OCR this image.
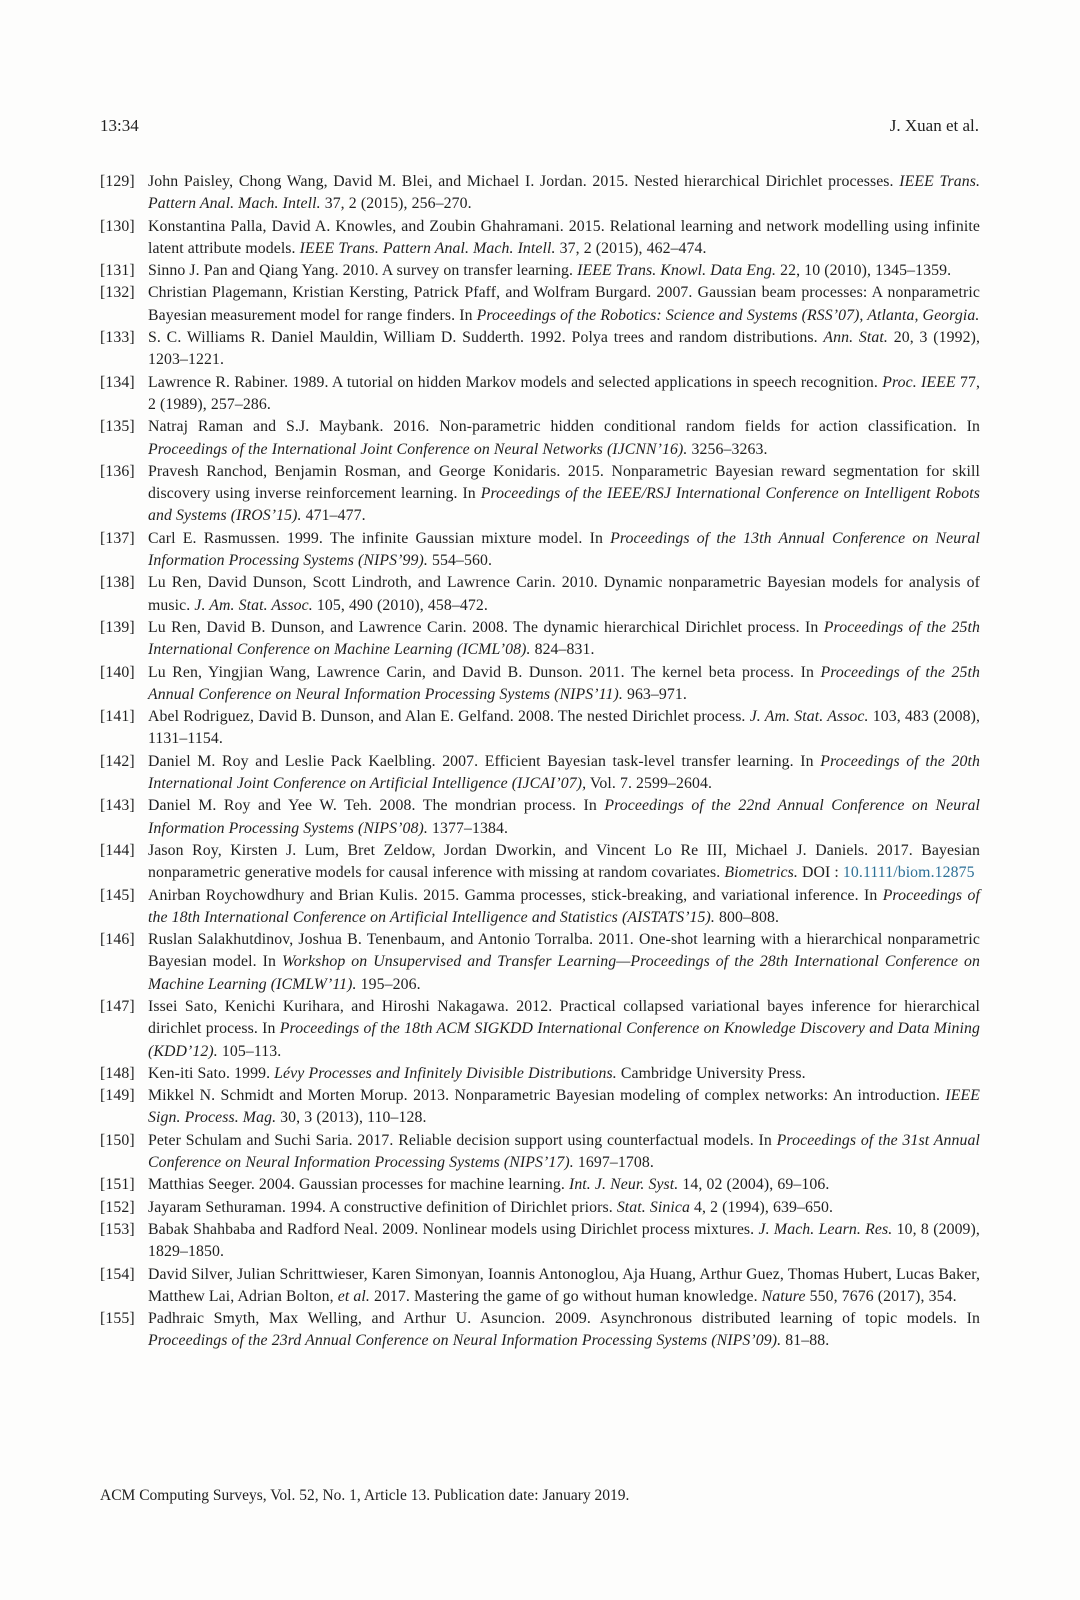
13:34	J. Xuan et al.
[129] John Paisley, Chong Wang, David M. Blei, and Michael I. Jordan. 2015. Nested hierarchical Dirichlet processes. IEEE Trans. Pattern Anal. Mach. Intell. 37, 2 (2015), 256–270.
[130] Konstantina Palla, David A. Knowles, and Zoubin Ghahramani. 2015. Relational learning and network modelling using infinite latent attribute models. IEEE Trans. Pattern Anal. Mach. Intell. 37, 2 (2015), 462–474.
[131] Sinno J. Pan and Qiang Yang. 2010. A survey on transfer learning. IEEE Trans. Knowl. Data Eng. 22, 10 (2010), 1345–1359.
[132] Christian Plagemann, Kristian Kersting, Patrick Pfaff, and Wolfram Burgard. 2007. Gaussian beam processes: A nonparametric Bayesian measurement model for range finders. In Proceedings of the Robotics: Science and Systems (RSS’07), Atlanta, Georgia.
[133] S. C. Williams R. Daniel Mauldin, William D. Sudderth. 1992. Polya trees and random distributions. Ann. Stat. 20, 3 (1992), 1203–1221.
[134] Lawrence R. Rabiner. 1989. A tutorial on hidden Markov models and selected applications in speech recognition. Proc. IEEE 77, 2 (1989), 257–286.
[135] Natraj Raman and S.J. Maybank. 2016. Non-parametric hidden conditional random fields for action classification. In Proceedings of the International Joint Conference on Neural Networks (IJCNN’16). 3256–3263.
[136] Pravesh Ranchod, Benjamin Rosman, and George Konidaris. 2015. Nonparametric Bayesian reward segmentation for skill discovery using inverse reinforcement learning. In Proceedings of the IEEE/RSJ International Conference on Intelligent Robots and Systems (IROS’15). 471–477.
[137] Carl E. Rasmussen. 1999. The infinite Gaussian mixture model. In Proceedings of the 13th Annual Conference on Neural Information Processing Systems (NIPS’99). 554–560.
[138] Lu Ren, David Dunson, Scott Lindroth, and Lawrence Carin. 2010. Dynamic nonparametric Bayesian models for analysis of music. J. Am. Stat. Assoc. 105, 490 (2010), 458–472.
[139] Lu Ren, David B. Dunson, and Lawrence Carin. 2008. The dynamic hierarchical Dirichlet process. In Proceedings of the 25th International Conference on Machine Learning (ICML’08). 824–831.
[140] Lu Ren, Yingjian Wang, Lawrence Carin, and David B. Dunson. 2011. The kernel beta process. In Proceedings of the 25th Annual Conference on Neural Information Processing Systems (NIPS’11). 963–971.
[141] Abel Rodriguez, David B. Dunson, and Alan E. Gelfand. 2008. The nested Dirichlet process. J. Am. Stat. Assoc. 103, 483 (2008), 1131–1154.
[142] Daniel M. Roy and Leslie Pack Kaelbling. 2007. Efficient Bayesian task-level transfer learning. In Proceedings of the 20th International Joint Conference on Artificial Intelligence (IJCAI’07), Vol. 7. 2599–2604.
[143] Daniel M. Roy and Yee W. Teh. 2008. The mondrian process. In Proceedings of the 22nd Annual Conference on Neural Information Processing Systems (NIPS’08). 1377–1384.
[144] Jason Roy, Kirsten J. Lum, Bret Zeldow, Jordan Dworkin, and Vincent Lo Re III, Michael J. Daniels. 2017. Bayesian nonparametric generative models for causal inference with missing at random covariates. Biometrics. DOI : 10.1111/​biom.12875
[145] Anirban Roychowdhury and Brian Kulis. 2015. Gamma processes, stick-breaking, and variational inference. In Proceedings of the 18th International Conference on Artificial Intelligence and Statistics (AISTATS’15). 800–808.
[146] Ruslan Salakhutdinov, Joshua B. Tenenbaum, and Antonio Torralba. 2011. One-shot learning with a hierarchical nonparametric Bayesian model. In Workshop on Unsupervised and Transfer Learning—Proceedings of the 28th International Conference on Machine Learning (ICMLW’11). 195–206.
[147] Issei Sato, Kenichi Kurihara, and Hiroshi Nakagawa. 2012. Practical collapsed variational bayes inference for hierarchical dirichlet process. In Proceedings of the 18th ACM SIGKDD International Conference on Knowledge Discovery and Data Mining (KDD’12). 105–113.
[148] Ken-iti Sato. 1999. Lévy Processes and Infinitely Divisible Distributions. Cambridge University Press.
[149] Mikkel N. Schmidt and Morten Morup. 2013. Nonparametric Bayesian modeling of complex networks: An introduction. IEEE Sign. Process. Mag. 30, 3 (2013), 110–128.
[150] Peter Schulam and Suchi Saria. 2017. Reliable decision support using counterfactual models. In Proceedings of the 31st Annual Conference on Neural Information Processing Systems (NIPS’17). 1697–1708.
[151] Matthias Seeger. 2004. Gaussian processes for machine learning. Int. J. Neur. Syst. 14, 02 (2004), 69–106.
[152] Jayaram Sethuraman. 1994. A constructive definition of Dirichlet priors. Stat. Sinica 4, 2 (1994), 639–650.
[153] Babak Shahbaba and Radford Neal. 2009. Nonlinear models using Dirichlet process mixtures. J. Mach. Learn. Res. 10, 8 (2009), 1829–1850.
[154] David Silver, Julian Schrittwieser, Karen Simonyan, Ioannis Antonoglou, Aja Huang, Arthur Guez, Thomas Hubert, Lucas Baker, Matthew Lai, Adrian Bolton, et al. 2017. Mastering the game of go without human knowledge. Nature 550, 7676 (2017), 354.
[155] Padhraic Smyth, Max Welling, and Arthur U. Asuncion. 2009. Asynchronous distributed learning of topic models. In Proceedings of the 23rd Annual Conference on Neural Information Processing Systems (NIPS’09). 81–88.
ACM Computing Surveys, Vol. 52, No. 1, Article 13. Publication date: January 2019.
